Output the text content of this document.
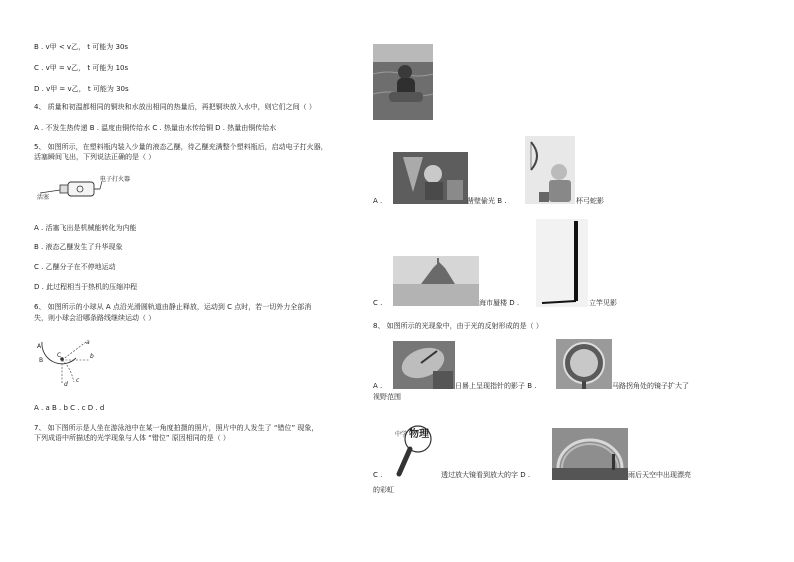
B . v甲 < v乙， t 可能为 30s
C . v甲 = v乙， t 可能为 10s
D . v甲 = v乙， t 可能为 30s
4、 质量和初温都相同的铜块和水放出相同的热量后，再把铜块放入水中，则它们之间（ ）
A . 不发生热传递 B . 温度由铜传给水 C . 热量由水传给铜 D . 热量由铜传给水
5、 如图所示，在塑料瓶内装入少量的液态乙醚，待乙醚充满整个塑料瓶后，启动电子打火器，
活塞瞬间飞出，下列说法正确的是（ ）
电子打火器
活塞
A . 活塞飞出是机械能转化为内能
B . 液态乙醚发生了升华现象
C . 乙醚分子在不停地运动
D . 此过程相当于热机的压缩冲程
6、 如图所示的小球从 A 点沿光滑圆轨道由静止释放，运动到 C 点时，若一切外力全部消
失，则小球会沿哪条路线继续运动（ ）
A
B
C
a
b
c
d
A . a B . b C . c D . d
7、 如下图所示是人坐在游泳池中在某一角度拍摄的照片，照片中的人发生了 “错位” 现象，
下列成语中所描述的光学现象与人体 “错位” 原因相同的是（ ）
A .	凿壁偷光 B .	杯弓蛇影
C .	海市蜃楼 D .	立竿见影
8、 如图所示的光现象中，由于光的反射形成的是（ ）
A .	日晷上呈现指针的影子 B .	马路拐角处的镜子扩大了
视野范围
C .
中学 物理
透过放大镜看到放大的字 D .	雨后天空中出现漂亮
的彩虹
